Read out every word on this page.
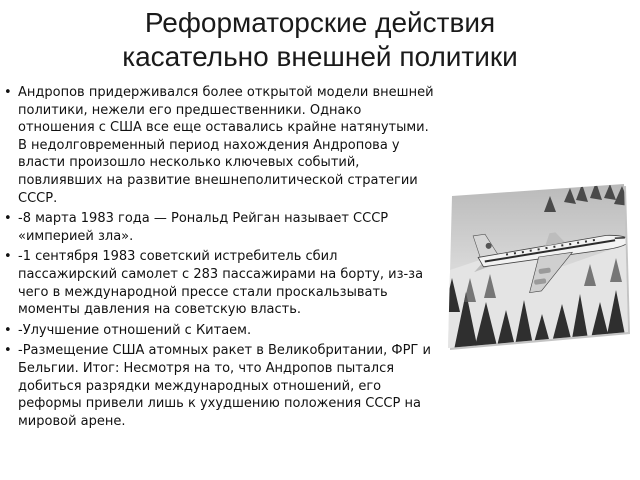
Реформаторские действия
касательно внешней политики
• Андропов придерживался более открытой модели внешней политики, нежели его предшественники. Однако отношения с США все еще оставались крайне натянутыми. В недолговременный период нахождения Андропова у власти произошло несколько ключевых событий, повлиявших на развитие внешнеполитической стратегии СССР.
• -8 марта 1983 года — Рональд Рейган называет СССР «империей зла».
• -1 сентября 1983 советский истребитель сбил пассажирский самолет с 283 пассажирами на борту, из-за чего в международной прессе стали проскальзывать моменты давления на советскую власть.
• -Улучшение отношений с Китаем.
• -Размещение США атомных ракет в Великобритании, ФРГ и Бельгии. Итог: Несмотря на то, что Андропов пытался добиться разрядки международных отношений, его реформы привели лишь к ухудшению положения СССР на мировой арене.
